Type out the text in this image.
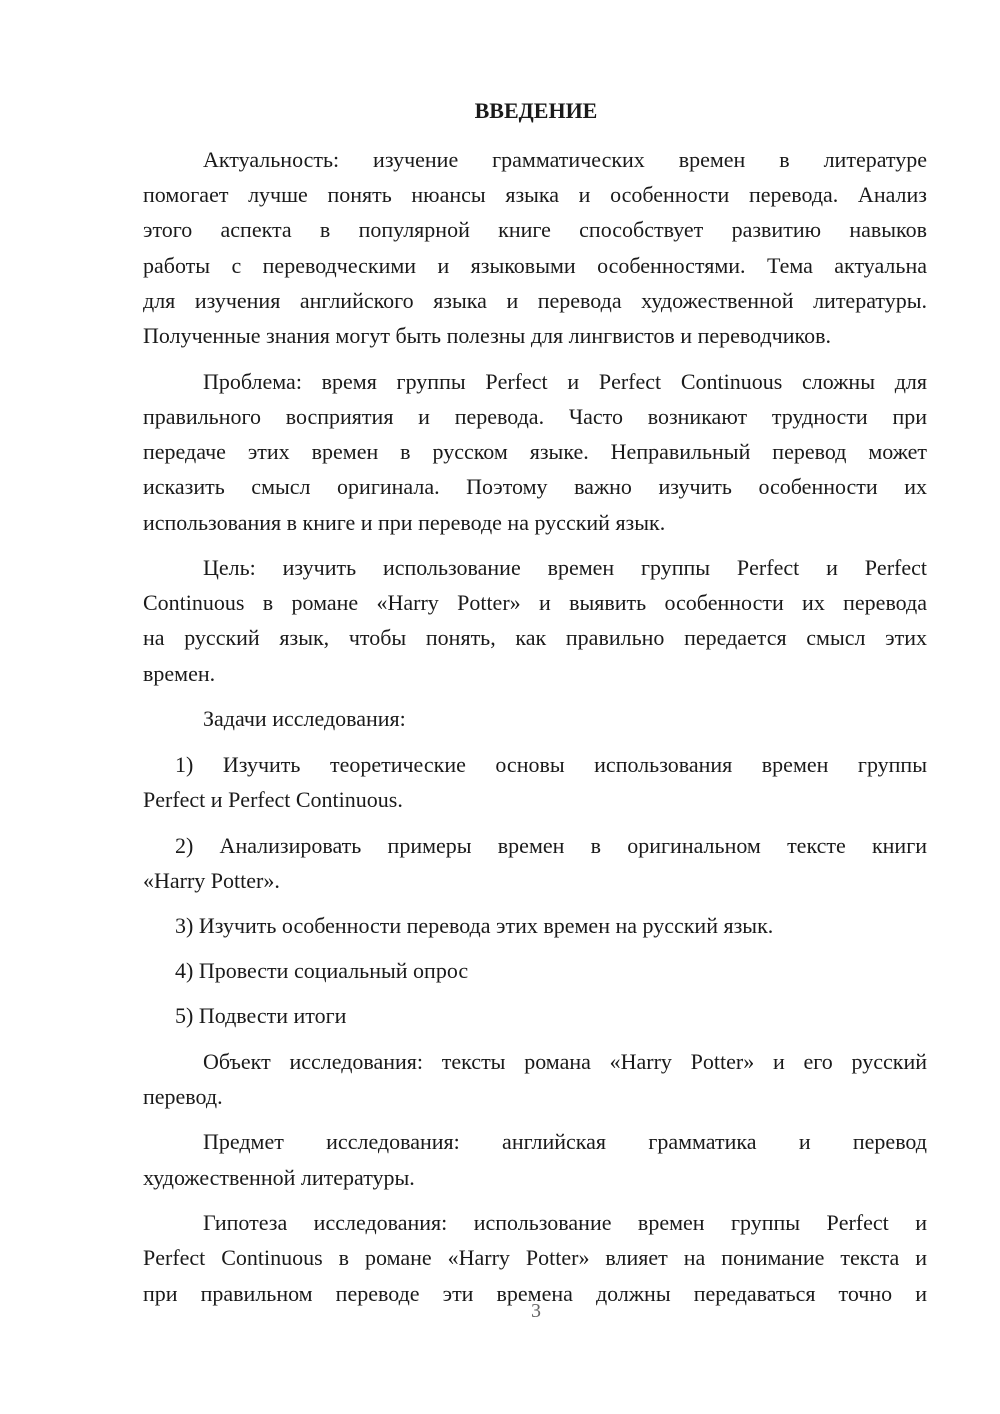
ВВЕДЕНИЕ
Актуальность: изучение грамматических времен в литературе
помогает лучше понять нюансы языка и особенности перевода. Анализ
этого аспекта в популярной книге способствует развитию навыков
работы с переводческими и языковыми особенностями. Тема актуальна
для изучения английского языка и перевода художественной литературы.
Полученные знания могут быть полезны для лингвистов и переводчиков.
Проблема: время группы Perfect и Perfect Continuous сложны для
правильного восприятия и перевода. Часто возникают трудности при
передаче этих времен в русском языке. Неправильный перевод может
исказить смысл оригинала. Поэтому важно изучить особенности их
использования в книге и при переводе на русский язык.
Цель: изучить использование времен группы Perfect и Perfect
Continuous в романе «Harry Potter» и выявить особенности их перевода
на русский язык, чтобы понять, как правильно передается смысл этих
времен.
Задачи исследования:
1) Изучить теоретические основы использования времен группы
Perfect и Perfect Continuous.
2) Анализировать примеры времен в оригинальном тексте книги
«Harry Potter».
3) Изучить особенности перевода этих времен на русский язык.
4) Провести социальный опрос
5) Подвести итоги
Объект исследования: тексты романа «Harry Potter» и его русский
перевод.
Предмет исследования: английская грамматика и перевод
художественной литературы.
Гипотеза исследования: использование времен группы Perfect и
Perfect Continuous в романе «Harry Potter» влияет на понимание текста и
при правильном переводе эти времена должны передаваться точно и
3
